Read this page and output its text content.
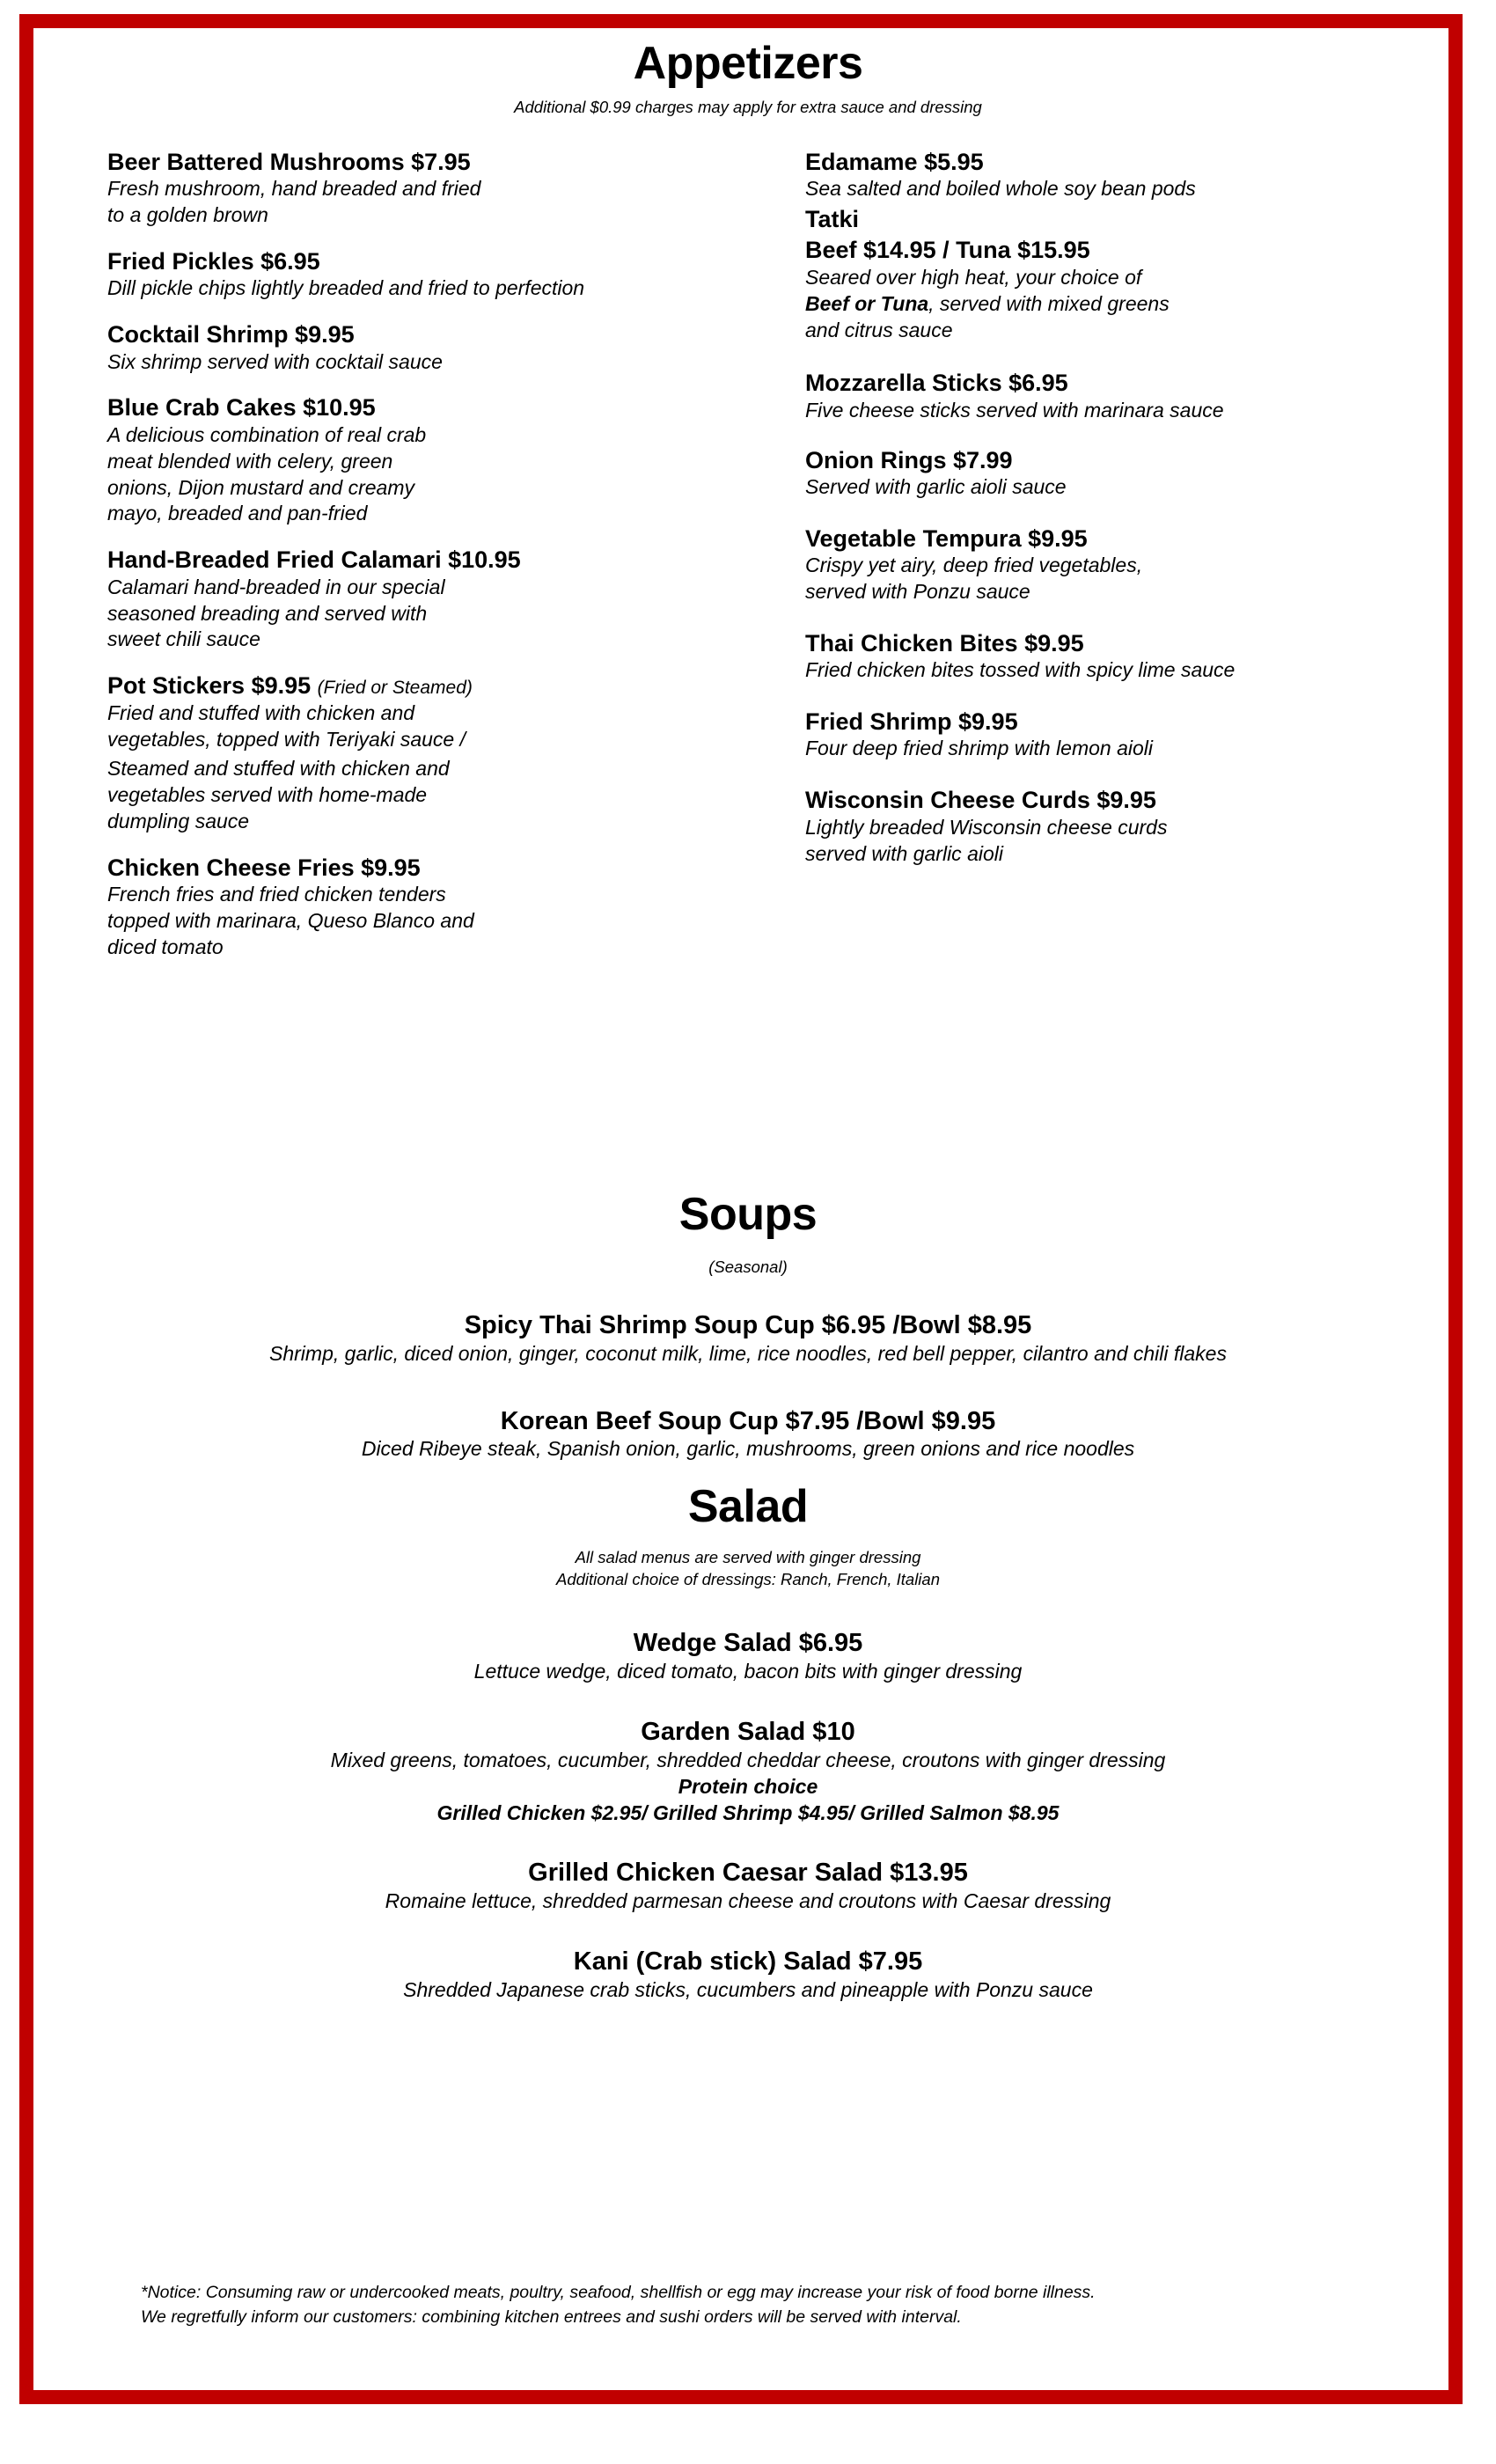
Appetizers
Additional $0.99 charges may apply for extra sauce and dressing
Beer Battered Mushrooms $7.95
Fresh mushroom, hand breaded and fried to a golden brown
Fried Pickles $6.95
Dill pickle chips lightly breaded and fried to perfection
Cocktail Shrimp $9.95
Six shrimp served with cocktail sauce
Blue Crab Cakes $10.95
A delicious combination of real crab meat blended with celery, green onions, Dijon mustard and creamy mayo, breaded and pan-fried
Hand-Breaded Fried Calamari $10.95
Calamari hand-breaded in our special seasoned breading and served with sweet chili sauce
Pot Stickers $9.95 (Fried or Steamed)
Fried and stuffed with chicken and vegetables, topped with Teriyaki sauce /
Steamed and stuffed with chicken and vegetables served with home-made dumpling sauce
Chicken Cheese Fries $9.95
French fries and fried chicken tenders topped with marinara, Queso Blanco and diced tomato
Edamame $5.95
Sea salted and boiled whole soy bean pods
Tatki
Beef $14.95 / Tuna $15.95
Seared over high heat, your choice of Beef or Tuna, served with mixed greens and citrus sauce
Mozzarella Sticks $6.95
Five cheese sticks served with marinara sauce
Onion Rings $7.99
Served with garlic aioli sauce
Vegetable Tempura $9.95
Crispy yet airy, deep fried vegetables, served with Ponzu sauce
Thai Chicken Bites $9.95
Fried chicken bites tossed with spicy lime sauce
Fried Shrimp $9.95
Four deep fried shrimp with lemon aioli
Wisconsin Cheese Curds $9.95
Lightly breaded Wisconsin cheese curds served with garlic aioli
Soups
(Seasonal)
Spicy Thai Shrimp Soup Cup $6.95 /Bowl $8.95
Shrimp, garlic, diced onion, ginger, coconut milk, lime, rice noodles, red bell pepper, cilantro and chili flakes
Korean Beef Soup Cup $7.95 /Bowl $9.95
Diced Ribeye steak, Spanish onion, garlic, mushrooms, green onions and rice noodles
Salad
All salad menus are served with ginger dressing
Additional choice of dressings: Ranch, French, Italian
Wedge Salad $6.95
Lettuce wedge, diced tomato, bacon bits with ginger dressing
Garden Salad $10
Mixed greens, tomatoes, cucumber, shredded cheddar cheese, croutons with ginger dressing
Protein choice
Grilled Chicken $2.95/ Grilled Shrimp $4.95/ Grilled Salmon $8.95
Grilled Chicken Caesar Salad $13.95
Romaine lettuce, shredded parmesan cheese and croutons with Caesar dressing
Kani (Crab stick) Salad $7.95
Shredded Japanese crab sticks, cucumbers and pineapple with Ponzu sauce
*Notice: Consuming raw or undercooked meats, poultry, seafood, shellfish or egg may increase your risk of food borne illness.
We regretfully inform our customers: combining kitchen entrees and sushi orders will be served with interval.
